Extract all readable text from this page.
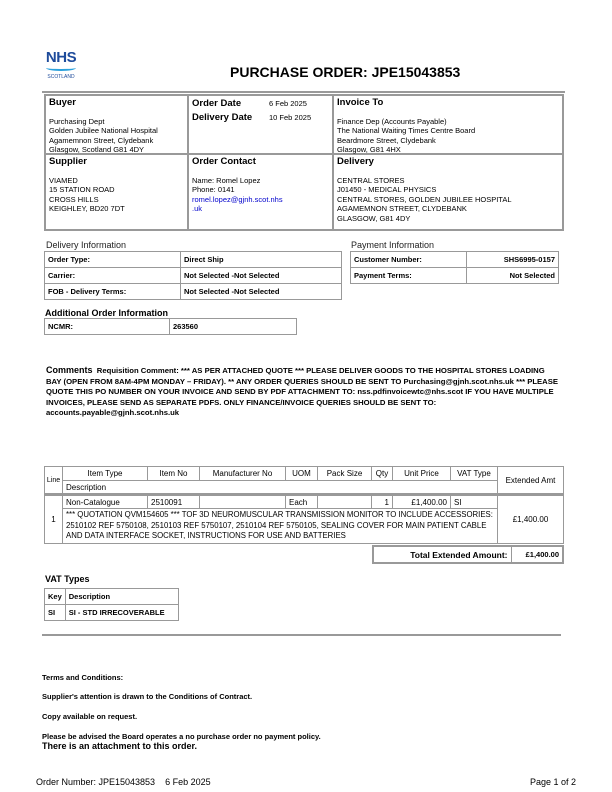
NHS
SCOTLAND	PURCHASE ORDER: JPE15043853
Buyer
Purchasing Dept
Golden Jubilee National Hospital
Agamemnon Street, Clydebank
Glasgow, Scotland G81 4DY
Order Date	6 Feb 2025
Delivery Date 10 Feb 2025
Invoice To
Finance Dep (Accounts Payable)
The National Waiting Times Centre Board
Beardmore Street, Clydebank
Glasgow, G81 4HX
Supplier
VIAMED
15 STATION ROAD
CROSS HILLS
KEIGHLEY, BD20 7DT
Order Contact
Name: Romel Lopez
Phone: 0141
romel.lopez@gjnh.scot.nhs
.uk
Delivery
CENTRAL STORES
J01450 - MEDICAL PHYSICS
CENTRAL STORES, GOLDEN JUBILEE HOSPITAL
AGAMEMNON STREET, CLYDEBANK
GLASGOW, G81 4DY
Delivery Information
Order Type:	Direct Ship
Carrier:	Not Selected -Not Selected
FOB - Delivery Terms:	Not Selected -Not Selected
Payment Information
Customer Number:	SHS6995-0157
Payment Terms:	Not Selected
Additional Order Information
NCMR:	263560
Comments Requisition Comment: *** AS PER ATTACHED QUOTE *** PLEASE DELIVER GOODS TO THE HOSPITAL STORES LOADING BAY (OPEN FROM 8AM-4PM MONDAY – FRIDAY). ** ANY ORDER QUERIES SHOULD BE SENT TO Purchasing@gjnh.scot.nhs.uk *** PLEASE QUOTE THIS PO NUMBER ON YOUR INVOICE AND SEND BY PDF ATTACHMENT TO: nss.pdfinvoicewtc@nhs.scot IF YOU HAVE MULTIPLE INVOICES, PLEASE SEND AS SEPARATE PDFS. ONLY FINANCE/INVOICE QUERIES SHOULD BE SENT TO: accounts.payable@gjnh.scot.nhs.uk
Line	Item Type	Item No	Manufacturer No	UOM	Pack Size	Qty	Unit Price	VAT Type	Extended Amt
	Description								
1	Non-Catalogue	2510091		Each		1	£1,400.00	SI	£1,400.00
	*** QUOTATION QVM154605 *** TOF 3D NEUROMUSCULAR TRANSMISSION MONITOR TO INCLUDE ACCESSORIES: 2510102 REF 5750108, 2510103 REF 5750107, 2510104 REF 5750105, SEALING COVER FOR MAIN PATIENT CABLE AND DATA INTERFACE SOCKET, INSTRUCTIONS FOR USE AND BATTERIES								
Total Extended Amount:	£1,400.00
VAT Types
Key	Description
SI	SI - STD IRRECOVERABLE
Terms and Conditions:
Supplier's attention is drawn to the Conditions of Contract.
Copy available on request.
Please be advised the Board operates a no purchase order no payment policy.
There is an attachment to this order.
Order Number: JPE15043853 6 Feb 2025	Page 1 of 2
